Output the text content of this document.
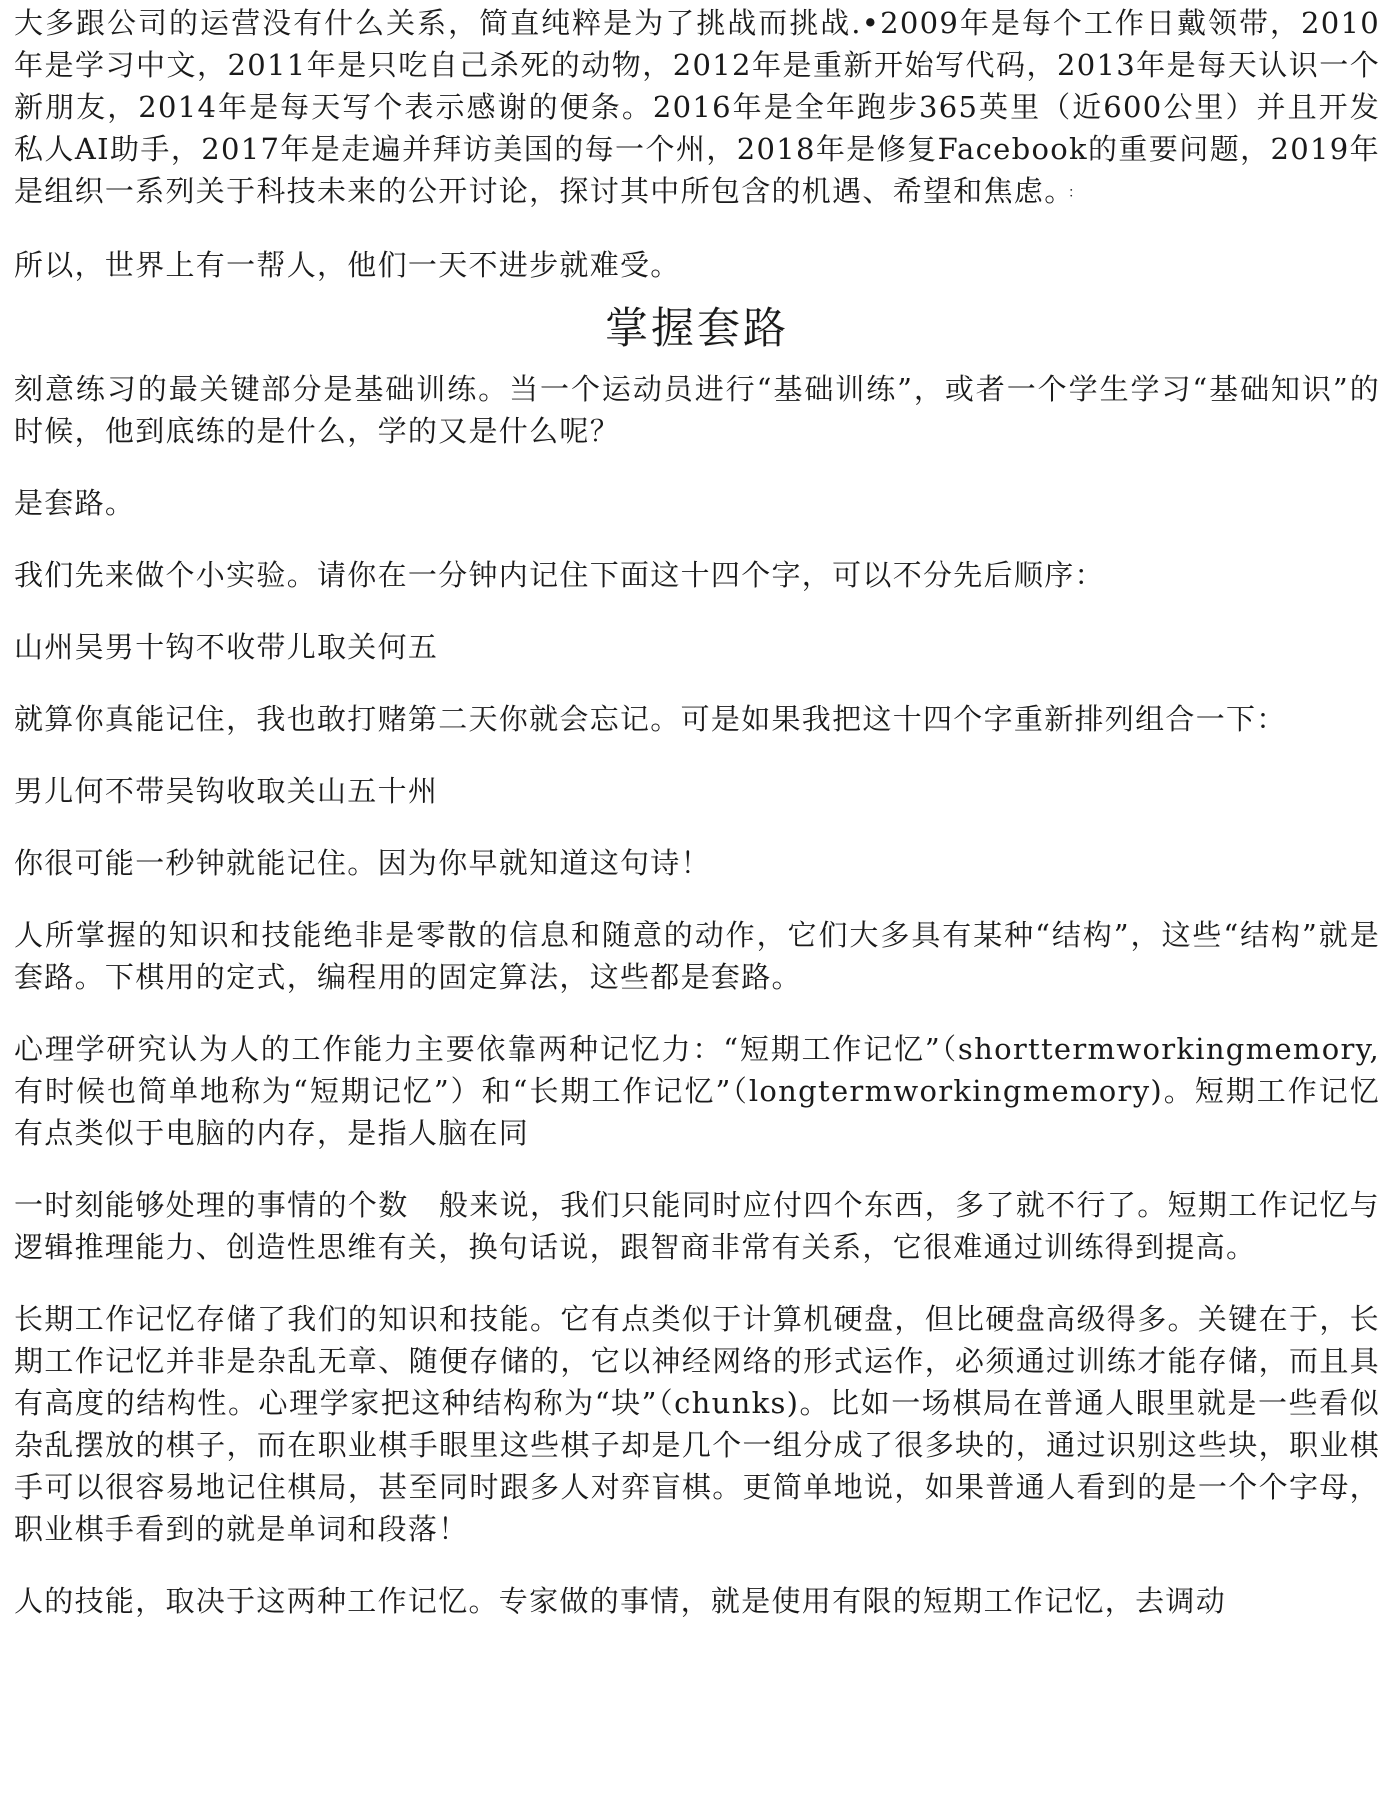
大多跟公司的运营没有什么关系，简直纯粹是为了挑战而挑战.•2009年是每个工作日戴领带，2010年是学习中文，2011年是只吃自己杀死的动物，2012年是重新开始写代码，2013年是每天认识一个新朋友，2014年是每天写个表示感谢的便条。2016年是全年跑步365英里（近600公里）并且开发私人AI助手，2017年是走遍并拜访美国的每一个州，2018年是修复Facebook的重要问题，2019年是组织一系列关于科技未来的公开讨论，探讨其中所包含的机遇、希望和焦虑。 ：

所以，世界上有一帮人，他们一天不进步就难受。

掌握套路

刻意练习的最关键部分是基础训练。当一个运动员进行“基础训练”，或者一个学生学习“基础知识”的时候，他到底练的是什么，学的又是什么呢？

是套路。

我们先来做个小实验。请你在一分钟内记住下面这十四个字，可以不分先后顺序：

山州吴男十钩不收带儿取关何五

就算你真能记住，我也敢打赌第二天你就会忘记。可是如果我把这十四个字重新排列组合一下：

男儿何不带吴钩收取关山五十州

你很可能一秒钟就能记住。因为你早就知道这句诗！

人所掌握的知识和技能绝非是零散的信息和随意的动作，它们大多具有某种“结构”，这些“结构”就是套路。下棋用的定式，编程用的固定算法，这些都是套路。

心理学研究认为人的工作能力主要依靠两种记忆力：“短期工作记忆”（shorttermworkingmemory,有时候也简单地称为“短期记忆”）和“长期工作记忆”（longtermworkingmemory)。短期工作记忆有点类似于电脑的内存，是指人脑在同

一时刻能够处理的事情的个数　般来说，我们只能同时应付四个东西，多了就不行了。短期工作记忆与逻辑推理能力、创造性思维有关，换句话说，跟智商非常有关系，它很难通过训练得到提高。

长期工作记忆存储了我们的知识和技能。它有点类似于计算机硬盘，但比硬盘高级得多。关键在于，长期工作记忆并非是杂乱无章、随便存储的，它以神经网络的形式运作，必须通过训练才能存储，而且具有高度的结构性。心理学家把这种结构称为“块”（chunks)。比如一场棋局在普通人眼里就是一些看似杂乱摆放的棋子，而在职业棋手眼里这些棋子却是几个一组分成了很多块的，通过识别这些块，职业棋手可以很容易地记住棋局，甚至同时跟多人对弈盲棋。更简单地说，如果普通人看到的是一个个字母，职业棋手看到的就是单词和段落！

人的技能，取决于这两种工作记忆。专家做的事情，就是使用有限的短期工作记忆，去调动
